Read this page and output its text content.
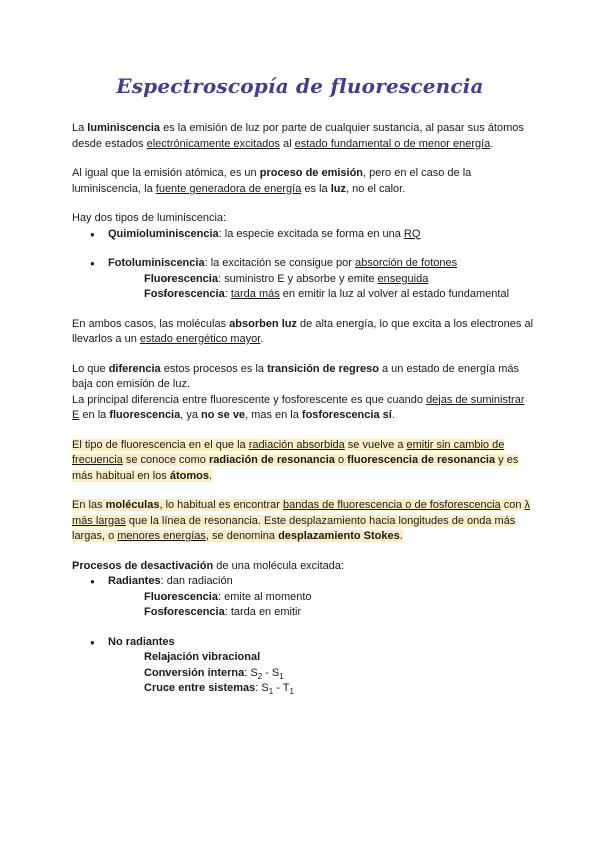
Espectroscopía de fluorescencia

La luminiscencia es la emisión de luz por parte de cualquier sustancia, al pasar sus átomos desde estados electrónicamente excitados al estado fundamental o de menor energía.

Al igual que la emisión atómica, es un proceso de emisión, pero en el caso de la luminiscencia, la fuente generadora de energía es la luz, no el calor.

Hay dos tipos de luminiscencia:

● Quimioluminiscencia: la especie excitada se forma en una RQ
● Fotoluminiscencia: la excitación se consigue por absorción de fotones
○ Fluorescencia: suministro E y absorbe y emite enseguida
○ Fosforescencia: tarda más en emitir la luz al volver al estado fundamental

En ambos casos, las moléculas absorben luz de alta energía, lo que excita a los electrones al llevarlos a un estado energético mayor.

Lo que diferencia estos procesos es la transición de regreso a un estado de energía más baja con emisión de luz.

La principal diferencia entre fluorescente y fosforescente es que cuando dejas de suministrar E en la fluorescencia, ya no se ve, mas en la fosforescencia sí.

El tipo de fluorescencia en el que la radiación absorbida se vuelve a emitir sin cambio de frecuencia se conoce como radiación de resonancia o fluorescencia de resonancia y es más habitual en los átomos.

En las moléculas, lo habitual es encontrar bandas de fluorescencia o de fosforescencia con λ más largas que la línea de resonancia. Este desplazamiento hacia longitudes de onda más largas, o menores energías, se denomina desplazamiento Stokes.

Procesos de desactivación de una molécula excitada:

● Radiantes: dan radiación
○ Fluorescencia: emite al momento
○ Fosforescencia: tarda en emitir
● No radiantes
○ Relajación vibracional
○ Conversión interna: $S_2 - S_1$
○ Cruce entre sistemas: $S_1 - T_1$
